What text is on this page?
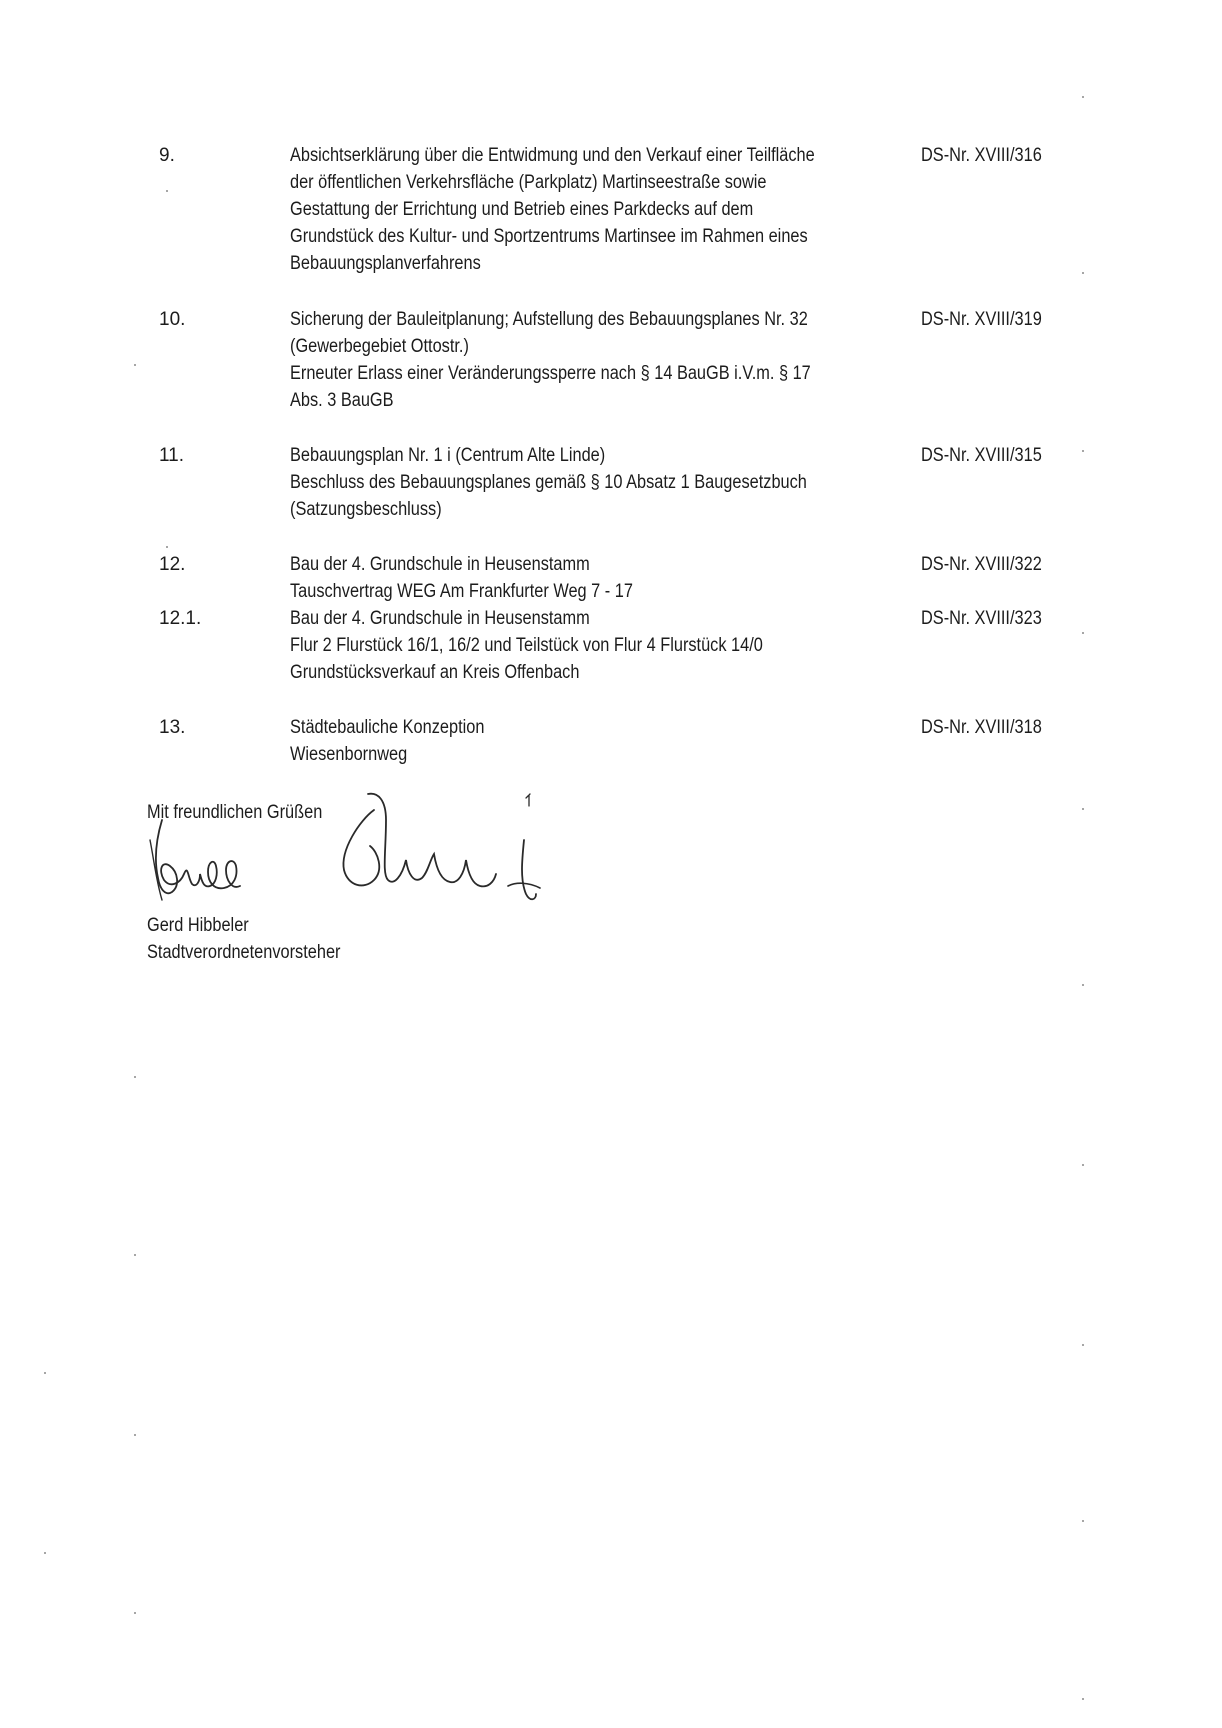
9.	Absichtserklärung über die Entwidmung und den Verkauf einer Teilfläche
der öffentlichen Verkehrsfläche (Parkplatz) Martinseestraße sowie
Gestattung der Errichtung und Betrieb eines Parkdecks auf dem
Grundstück des Kultur- und Sportzentrums Martinsee im Rahmen eines
Bebauungsplanverfahrens
DS-Nr. XVIII/316
10.	Sicherung der Bauleitplanung; Aufstellung des Bebauungsplanes Nr. 32
(Gewerbegebiet Ottostr.)
Erneuter Erlass einer Veränderungssperre nach § 14 BauGB i.V.m. § 17
Abs. 3 BauGB
DS-Nr. XVIII/319
11.	Bebauungsplan Nr. 1 i (Centrum Alte Linde)
Beschluss des Bebauungsplanes gemäß § 10 Absatz 1 Baugesetzbuch
(Satzungsbeschluss)
DS-Nr. XVIII/315
12.	Bau der 4. Grundschule in Heusenstamm
Tauschvertrag WEG Am Frankfurter Weg 7 - 17
DS-Nr. XVIII/322
12.1.	Bau der 4. Grundschule in Heusenstamm
Flur 2 Flurstück 16/1, 16/2 und Teilstück von Flur 4 Flurstück 14/0
Grundstücksverkauf an Kreis Offenbach
DS-Nr. XVIII/323
13.	Städtebauliche Konzeption
Wiesenbornweg
DS-Nr. XVIII/318
Mit freundlichen Grüßen
Gerd Hibbeler
Stadtverordnetenvorsteher
